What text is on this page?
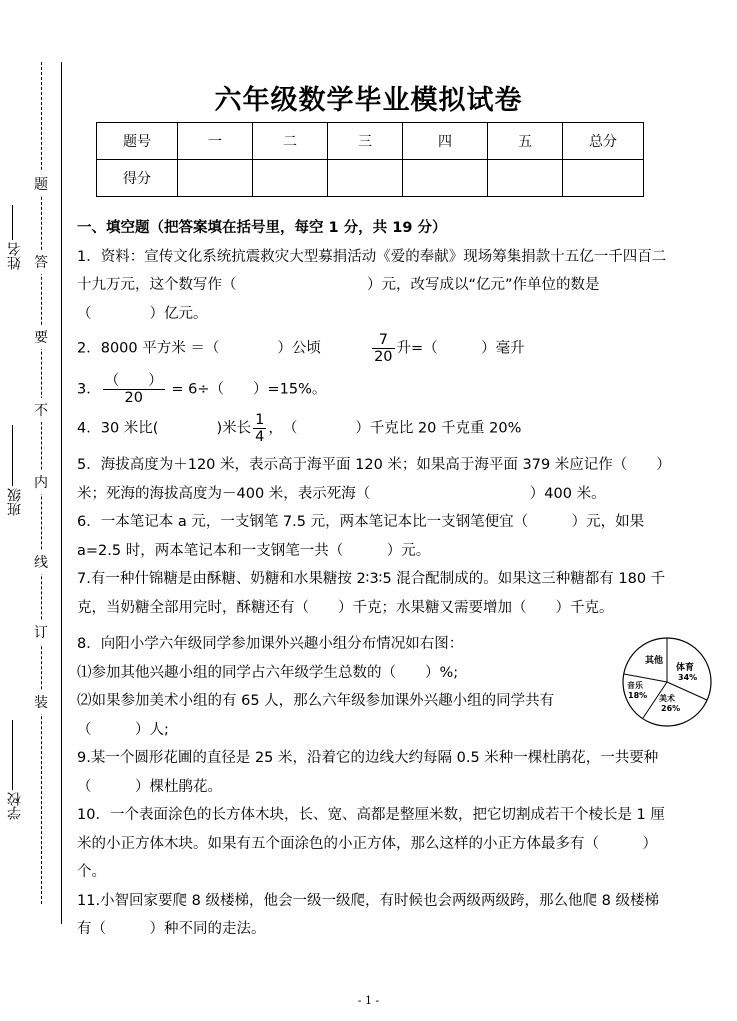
姓名
班级
学校
题
答
要
不
内
线
订
装
六年级数学毕业模拟试卷
题号	一	二	三	四	五	总分
得分						

一、填空题（把答案填在括号里，每空 1 分，共 19 分）

1．资料：宣传文化系统抗震救灾大型募捐活动《爱的奉献》现场筹集捐款十五亿一千四百二十九万元，这个数写作（　　　　　　　　　）元，改写成以“亿元”作单位的数是（　　　　）亿元。

2．8000 平方米 ＝（　　　　）公顷	$\frac{7}{20}$ 升=（　　　）毫升

3． $\frac{( )}{20} = 6\div$（　　）=15%。

4．30 米比(　　　　)米长 $\frac{1}{4}$ ，　（　　　　）千克比 20 千克重 20%

5．海拔高度为＋120 米，表示高于海平面 120 米；如果高于海平面 379 米应记作（　　）米；死海的海拔高度为－400 米，表示死海（　　　　　　　　　　　）400 米。

6．一本笔记本 a 元，一支钢笔 7.5 元，两本笔记本比一支钢笔便宜（　　　）元，如果 a=2.5 时，两本笔记本和一支钢笔一共（　　　）元。

7.有一种什锦糖是由酥糖、奶糖和水果糖按 2∶3∶5 混合配制成的。如果这三种糖都有 180 千克，当奶糖全部用完时，酥糖还有（　　）千克；水果糖又需要增加（　　）千克。

8．向阳小学六年级同学参加课外兴趣小组分布情况如右图：

⑴参加其他兴趣小组的同学占六年级学生总数的（　　）%;

⑵如果参加美术小组的有 65 人，那么六年级参加课外兴趣小组的同学共有（　　　）人;

9.某一个圆形花圃的直径是 25 米，沿着它的边线大约每隔 0.5 米种一棵杜鹃花，一共要种（　　　）棵杜鹃花。

10．一个表面涂色的长方体木块，长、宽、高都是整厘米数，把它切割成若干个棱长是 1 厘米的小正方体木块。如果有五个面涂色的小正方体，那么这样的小正方体最多有（　　　）个。

11.小智回家要爬 8 级楼梯，他会一级一级爬，有时候也会两级两级跨，那么他爬 8 级楼梯有（　　　）种不同的走法。

其他
体育
34%
音乐
18% 美术
26%
- 1 -
